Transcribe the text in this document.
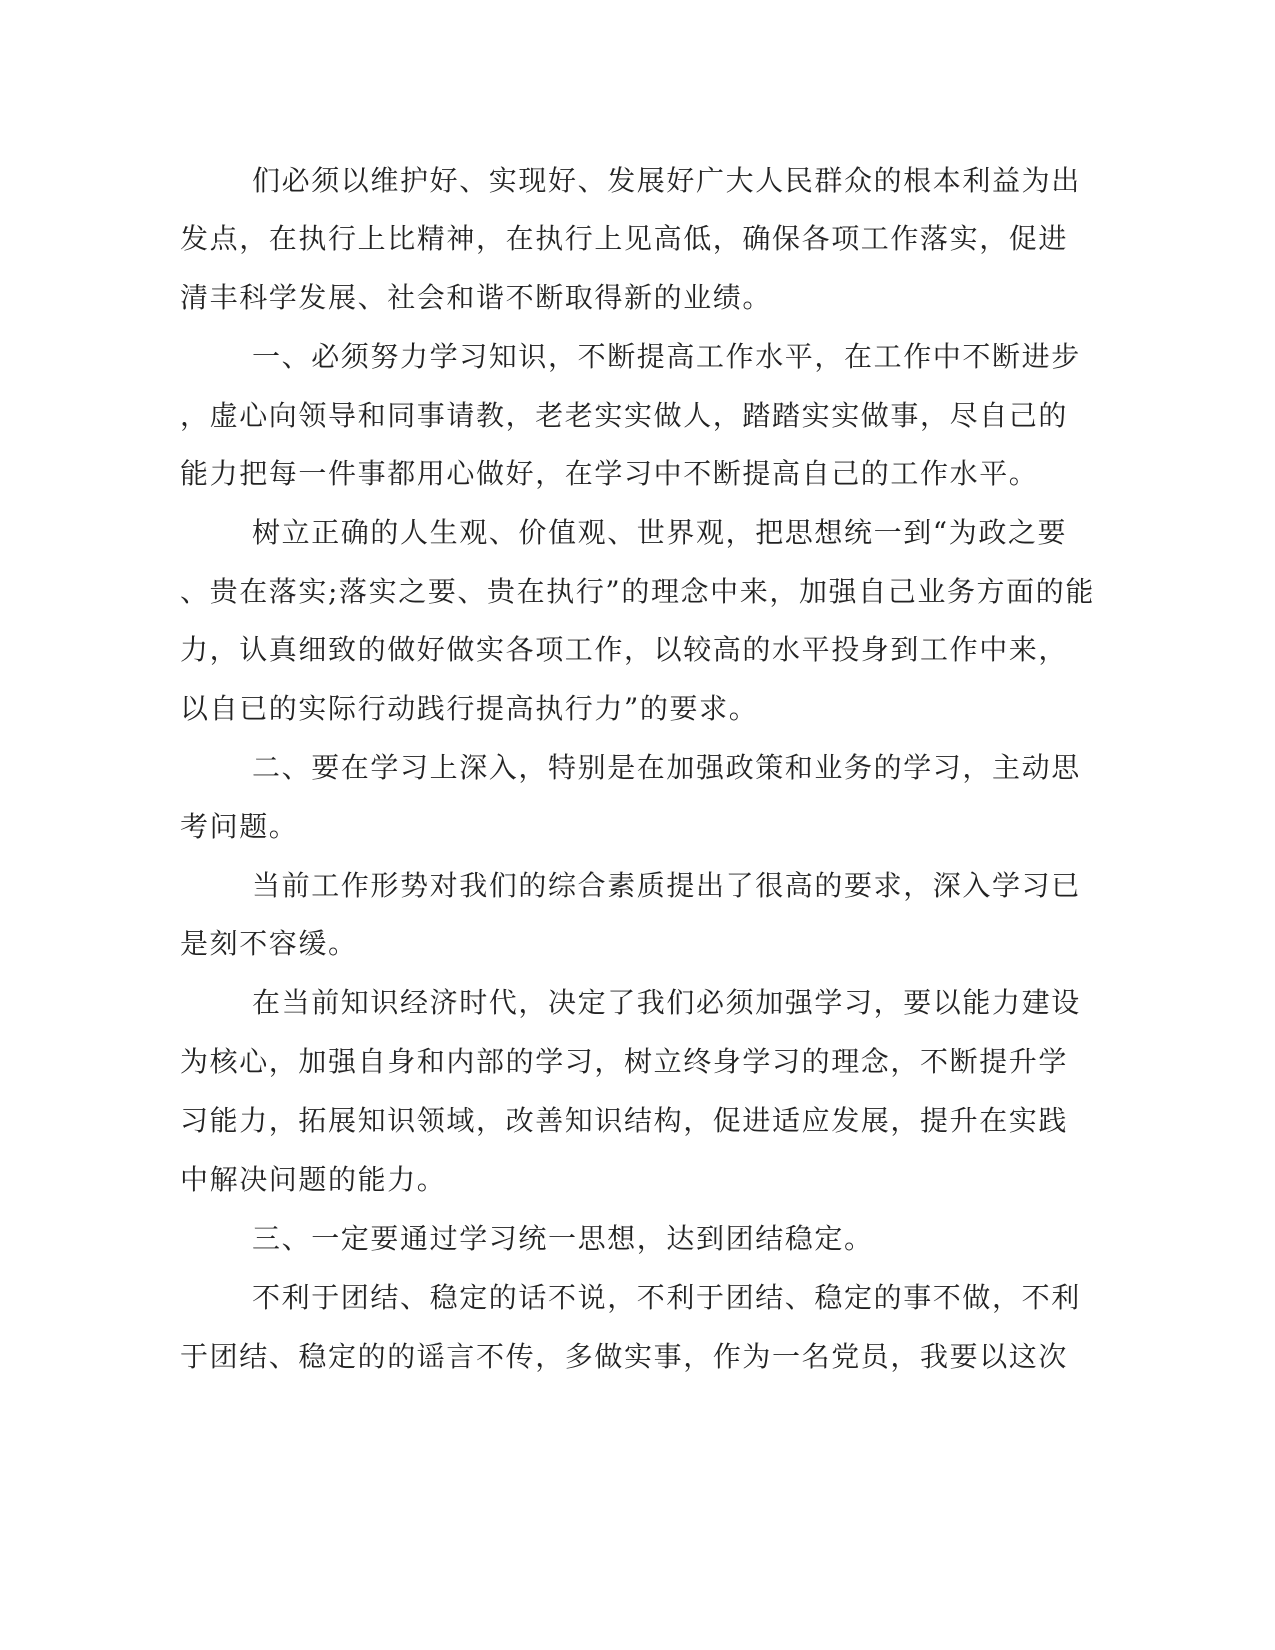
们必须以维护好、实现好、发展好广大人民群众的根本利益为出
发点，在执行上比精神，在执行上见高低，确保各项工作落实，促进
清丰科学发展、社会和谐不断取得新的业绩。
一、必须努力学习知识，不断提高工作水平，在工作中不断进步
，虚心向领导和同事请教，老老实实做人，踏踏实实做事，尽自己的
能力把每一件事都用心做好，在学习中不断提高自己的工作水平。
树立正确的人生观、价值观、世界观，把思想统一到“为政之要
、贵在落实;落实之要、贵在执行”的理念中来，加强自己业务方面的能
力，认真细致的做好做实各项工作，以较高的水平投身到工作中来，
以自已的实际行动践行提高执行力”的要求。
二、要在学习上深入，特别是在加强政策和业务的学习，主动思
考问题。
当前工作形势对我们的综合素质提出了很高的要求，深入学习已
是刻不容缓。
在当前知识经济时代，决定了我们必须加强学习，要以能力建设
为核心，加强自身和内部的学习，树立终身学习的理念，不断提升学
习能力，拓展知识领域，改善知识结构，促进适应发展，提升在实践
中解决问题的能力。
三、一定要通过学习统一思想，达到团结稳定。
不利于团结、稳定的话不说，不利于团结、稳定的事不做，不利
于团结、稳定的的谣言不传，多做实事，作为一名党员，我要以这次
